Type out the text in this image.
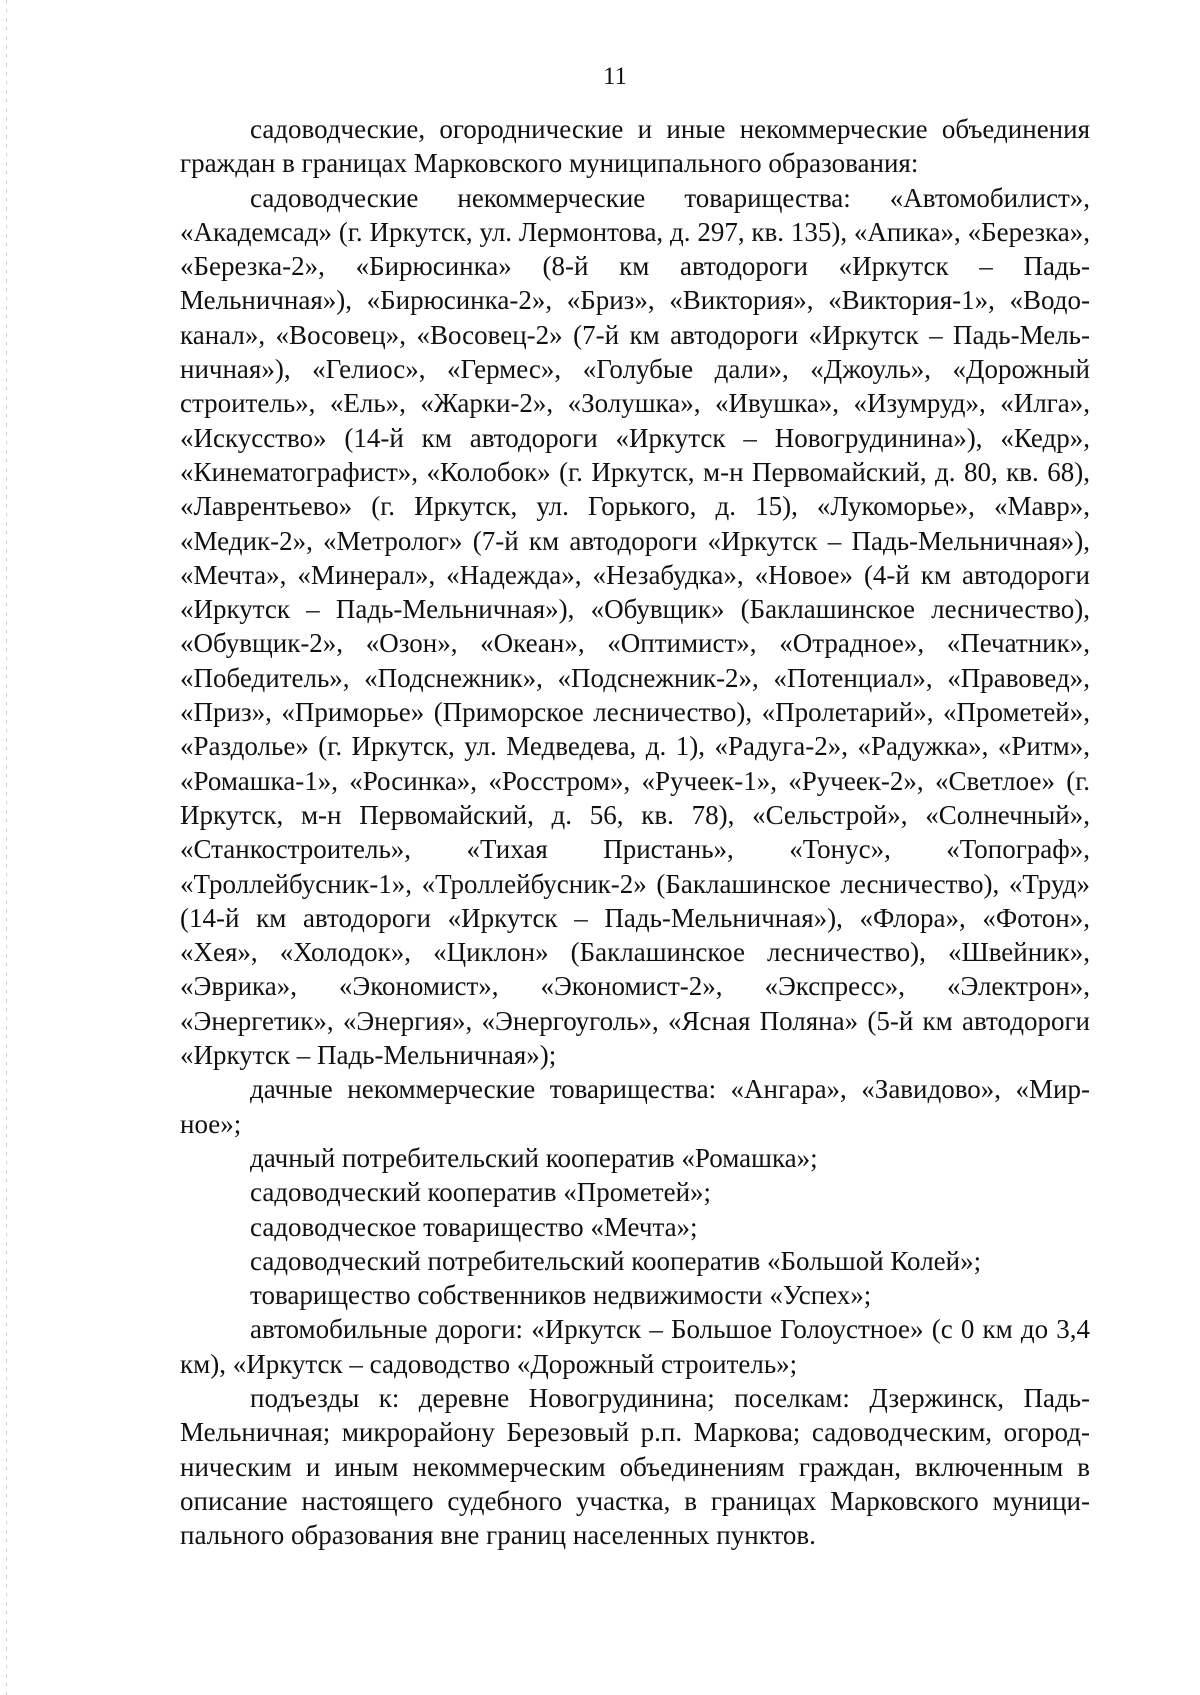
11

садоводческие, огороднические и иные некоммерческие объединения граждан в границах Марковского муниципального образования:

садоводческие некоммерческие товарищества: «Автомобилист», «Академсад» (г. Иркутск, ул. Лермонтова, д. 297, кв. 135), «Апика», «Березка», «Березка-2», «Бирюсинка» (8-й км автодороги «Иркутск – Падь-Мельничная»), «Бирюсинка-2», «Бриз», «Виктория», «Виктория-1», «Водоканал», «Восовец», «Восовец-2» (7-й км автодороги «Иркутск – Падь-Мельничная»), «Гелиос», «Гермес», «Голубые дали», «Джоуль», «Дорожный строитель», «Ель», «Жарки-2», «Золушка», «Ивушка», «Изумруд», «Илга», «Искусство» (14-й км автодороги «Иркутск – Новогрудинина»), «Кедр», «Кинематографист», «Колобок» (г. Иркутск, м-н Первомайский, д. 80, кв. 68), «Лаврентьево» (г. Иркутск, ул. Горького, д. 15), «Лукоморье», «Мавр», «Медик-2», «Метролог» (7-й км автодороги «Иркутск – Падь-Мельничная»), «Мечта», «Минерал», «Надежда», «Незабудка», «Новое» (4-й км автодороги «Иркутск – Падь-Мельничная»), «Обувщик» (Баклашинское лесничество), «Обувщик-2», «Озон», «Океан», «Оптимист», «Отрадное», «Печатник», «Победитель», «Подснежник», «Подснежник-2», «Потенциал», «Правовед», «Приз», «Приморье» (Приморское лесничество), «Пролетарий», «Прометей», «Раздолье» (г. Иркутск, ул. Медведева, д. 1), «Радуга-2», «Радужка», «Ритм», «Ромашка-1», «Росинка», «Росстром», «Ручеек-1», «Ручеек-2», «Светлое» (г. Иркутск, м-н Первомайский, д. 56, кв. 78), «Сельстрой», «Солнечный», «Станкостроитель», «Тихая Пристань», «Тонус», «Топограф», «Троллейбусник-1», «Троллейбусник-2» (Баклашинское лесничество), «Труд» (14-й км автодороги «Иркутск – Падь-Мельничная»), «Флора», «Фотон», «Хея», «Холодок», «Циклон» (Баклашинское лесничество), «Швейник», «Эврика», «Экономист», «Экономист-2», «Экспресс», «Электрон», «Энергетик», «Энергия», «Энергоуголь», «Ясная Поляна» (5-й км автодороги «Иркутск – Падь-Мельничная»);

дачные некоммерческие товарищества: «Ангара», «Завидово», «Мирное»;

дачный потребительский кооператив «Ромашка»;

садоводческий кооператив «Прометей»;

садоводческое товарищество «Мечта»;

садоводческий потребительский кооператив «Большой Колей»;

товарищество собственников недвижимости «Успех»;

автомобильные дороги: «Иркутск – Большое Голоустное» (с 0 км до 3,4 км), «Иркутск – садоводство «Дорожный строитель»;

подъезды к: деревне Новогрудинина; поселкам: Дзержинск, Падь-Мельничная; микрорайону Березовый р.п. Маркова; садоводческим, огородническим и иным некоммерческим объединениям граждан, включенным в описание настоящего судебного участка, в границах Марковского муниципального образования вне границ населенных пунктов.
